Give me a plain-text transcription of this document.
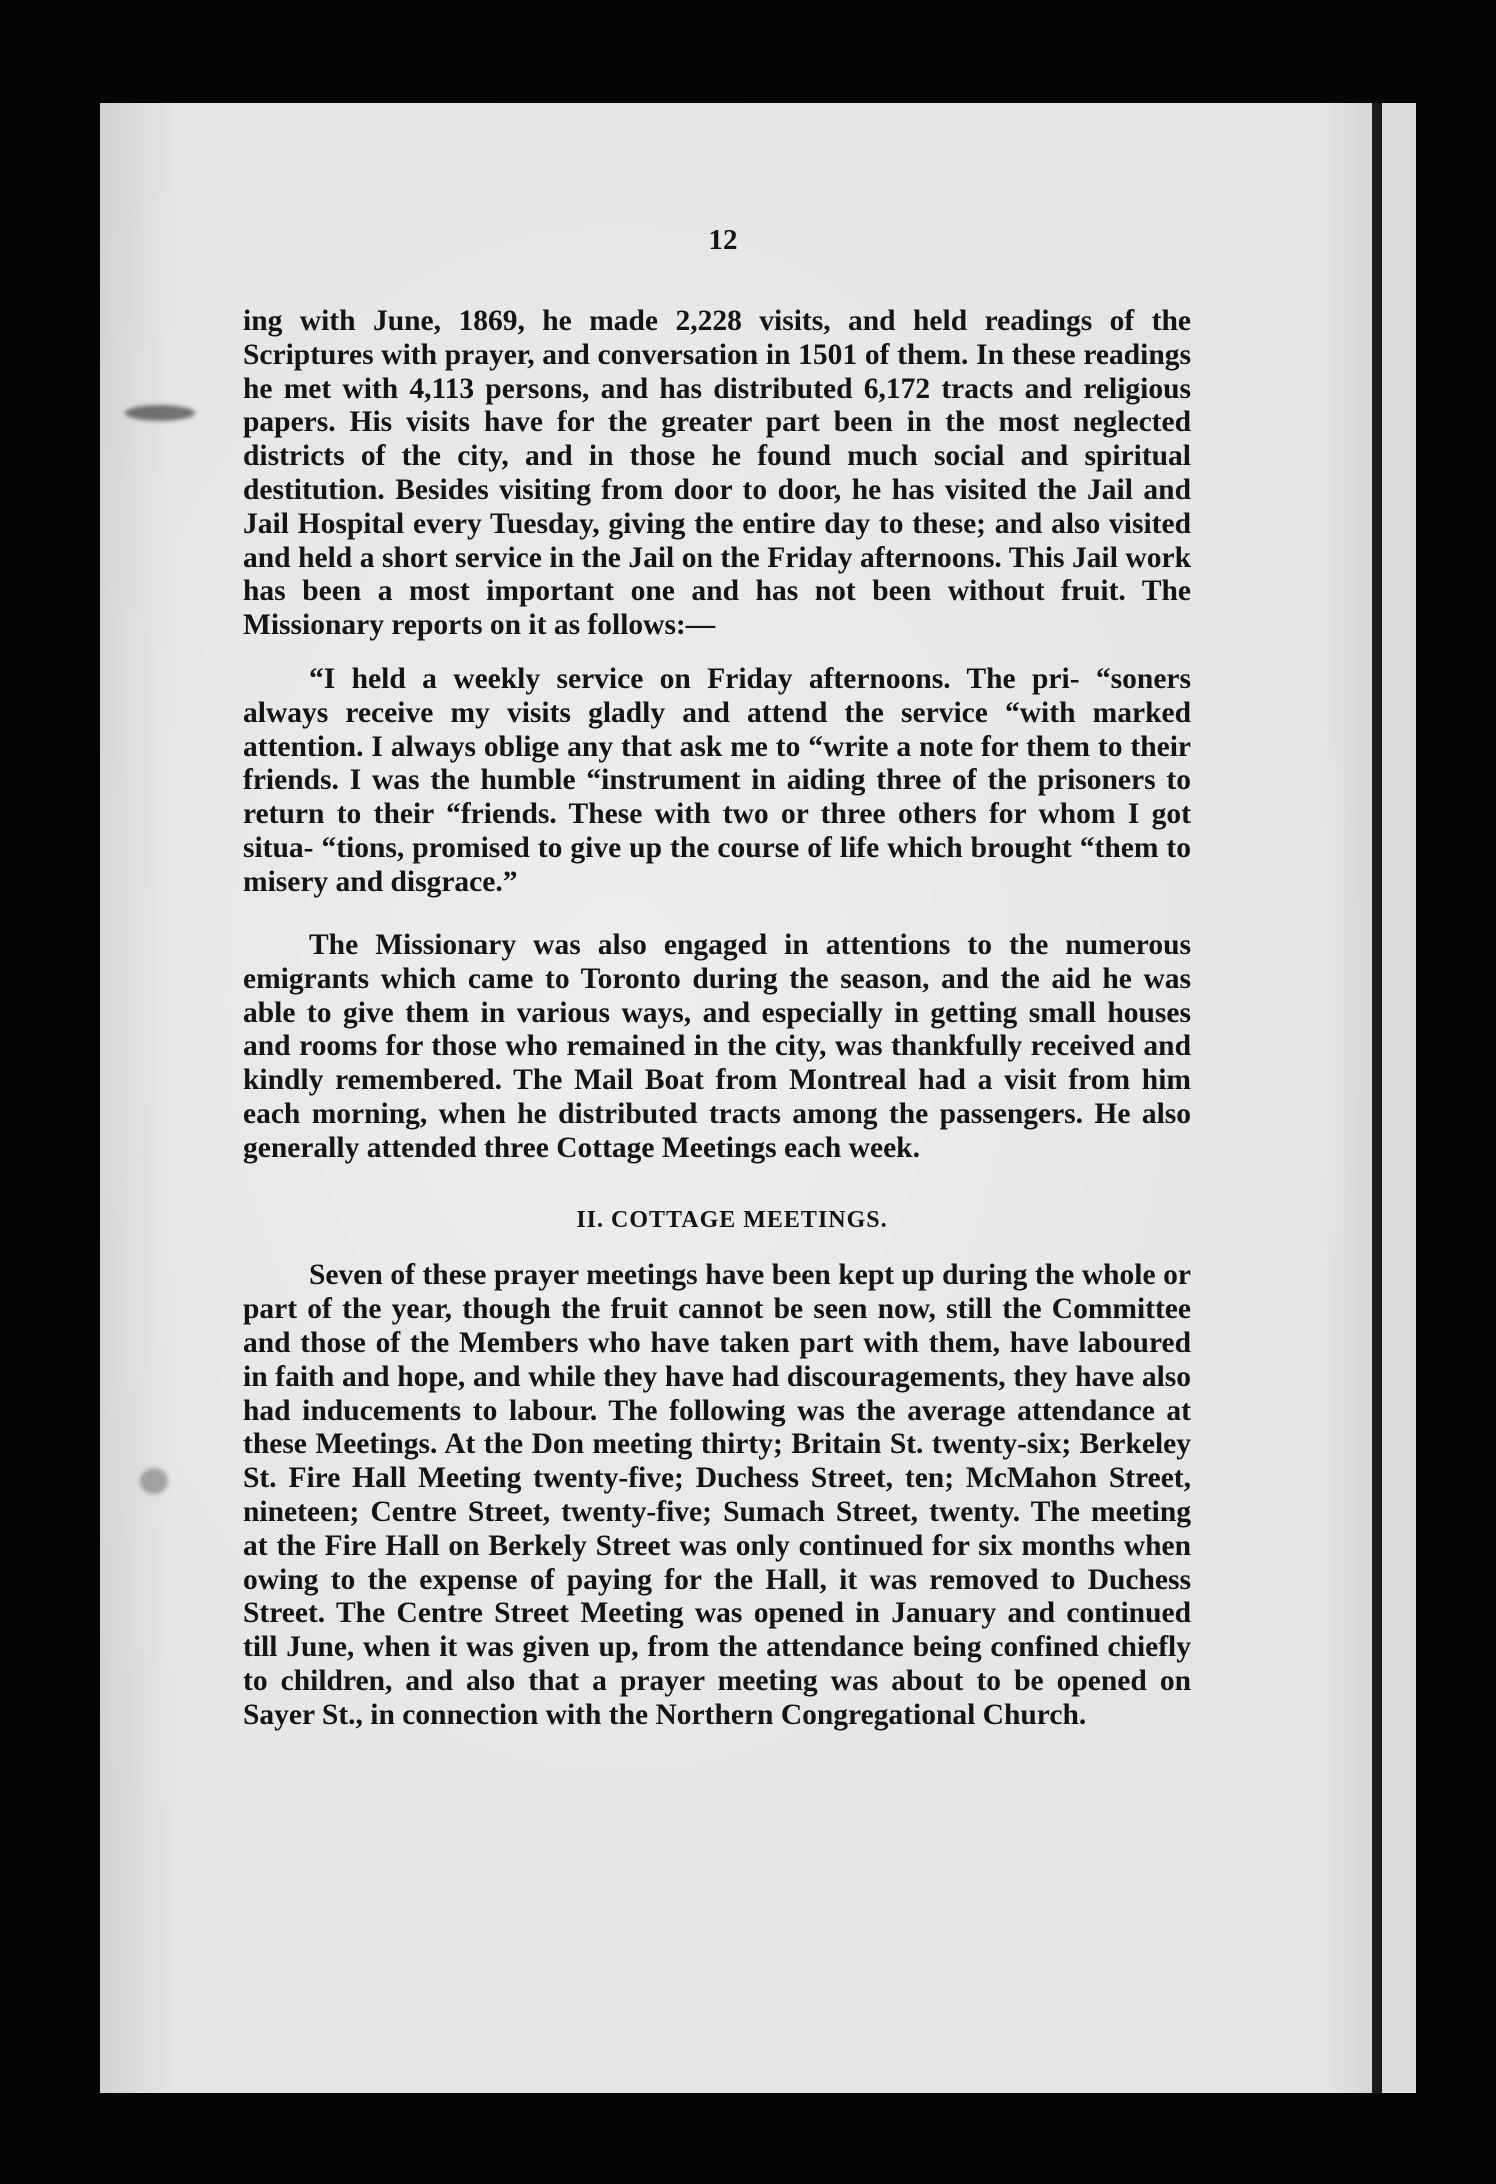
12

ing with June, 1869, he made 2,228 visits, and held readings of the Scriptures with prayer, and conversation in 1501 of them. In these readings he met with 4,113 persons, and has distributed 6,172 tracts and religious papers. His visits have for the greater part been in the most neglected districts of the city, and in those he found much social and spiritual destitution. Besides visiting from door to door, he has visited the Jail and Jail Hospital every Tuesday, giving the entire day to these; and also visited and held a short service in the Jail on the Friday afternoons. This Jail work has been a most important one and has not been without fruit. The Missionary reports on it as follows:—

“I held a weekly service on Friday afternoons. The pri- “soners always receive my visits gladly and attend the service “with marked attention. I always oblige any that ask me to “write a note for them to their friends. I was the humble “instrument in aiding three of the prisoners to return to their “friends. These with two or three others for whom I got situa- “tions, promised to give up the course of life which brought “them to misery and disgrace.”

The Missionary was also engaged in attentions to the numerous emigrants which came to Toronto during the season, and the aid he was able to give them in various ways, and especially in getting small houses and rooms for those who remained in the city, was thankfully received and kindly remembered. The Mail Boat from Montreal had a visit from him each morning, when he distributed tracts among the passengers. He also generally attended three Cottage Meetings each week.

II. COTTAGE MEETINGS.

Seven of these prayer meetings have been kept up during the whole or part of the year, though the fruit cannot be seen now, still the Committee and those of the Members who have taken part with them, have laboured in faith and hope, and while they have had discouragements, they have also had inducements to labour. The following was the average attendance at these Meetings. At the Don meeting thirty; Britain St. twenty-six; Berkeley St. Fire Hall Meeting twenty-five; Duchess Street, ten; McMahon Street, nineteen; Centre Street, twenty-five; Sumach Street, twenty. The meeting at the Fire Hall on Berkely Street was only continued for six months when owing to the expense of paying for the Hall, it was removed to Duchess Street. The Centre Street Meeting was opened in January and continued till June, when it was given up, from the attendance being confined chiefly to children, and also that a prayer meeting was about to be opened on Sayer St., in connection with the Northern Congregational Church.
